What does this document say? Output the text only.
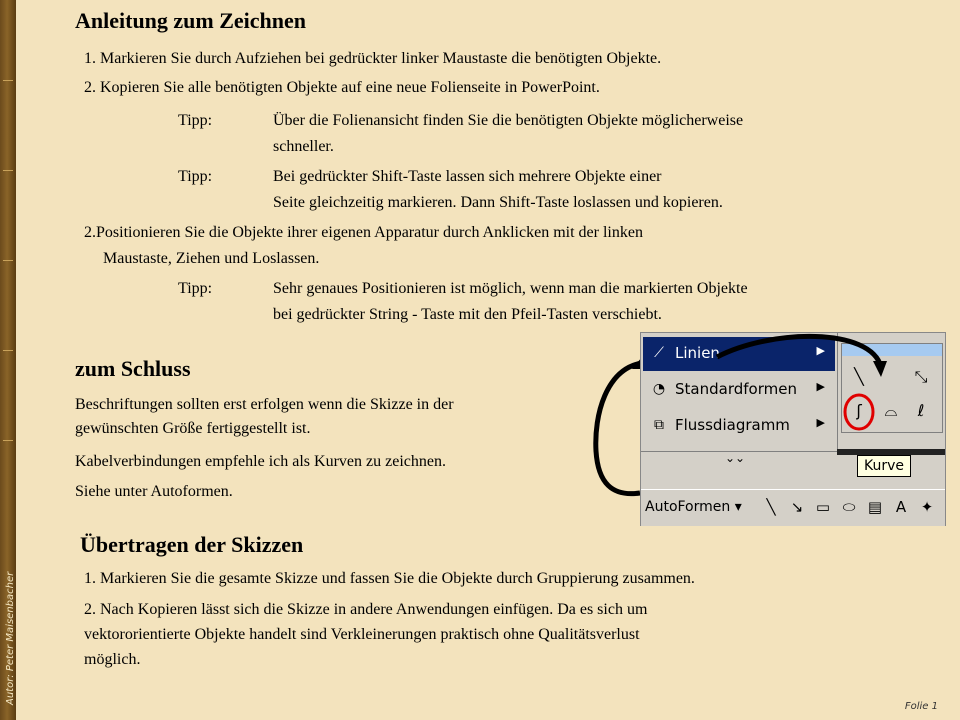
Autor: Peter Maisenbacher
Anleitung zum Zeichnen

1. Markieren Sie durch Aufziehen bei gedrückter linker Maustaste die benötigten Objekte.

2. Kopieren Sie alle benötigten Objekte auf eine neue Folienseite in PowerPoint.

Tipp:	Über die Folienansicht finden Sie die benötigten Objekte möglicherweise
schneller.
Tipp:	Bei gedrückter Shift-Taste lassen sich mehrere Objekte einer
Seite gleichzeitig markieren. Dann Shift-Taste loslassen und kopieren.

2.Positionieren Sie die Objekte ihrer eigenen Apparatur durch Anklicken mit der linken

Maustaste, Ziehen und Loslassen.

Tipp:	Sehr genaues Positionieren ist möglich, wenn man die markierten Objekte
bei gedrückter String - Taste mit den Pfeil-Tasten verschiebt.
zum Schluss

Beschriftungen sollten erst erfolgen wenn die Skizze in der

gewünschten Größe fertiggestellt ist.

Kabelverbindungen empfehle ich als Kurven zu zeichnen.

Siehe unter Autoformen.

⟋ Linien	▶
◔ Standardformen ▶
⧉ Flussdiagramm ▶
⌄⌄
╲	⤡
ʃ	⌓	ℓ
Kurve
AutoFormen ▾	╲	↘ ▭ ⬭ ▤ A ✦
Übertragen der Skizzen

1. Markieren Sie die gesamte Skizze und fassen Sie die Objekte durch Gruppierung zusammen.

2. Nach Kopieren lässt sich die Skizze in andere Anwendungen einfügen. Da es sich um

vektororientierte Objekte handelt sind Verkleinerungen praktisch ohne Qualitätsverlust

möglich.

Folie 1
